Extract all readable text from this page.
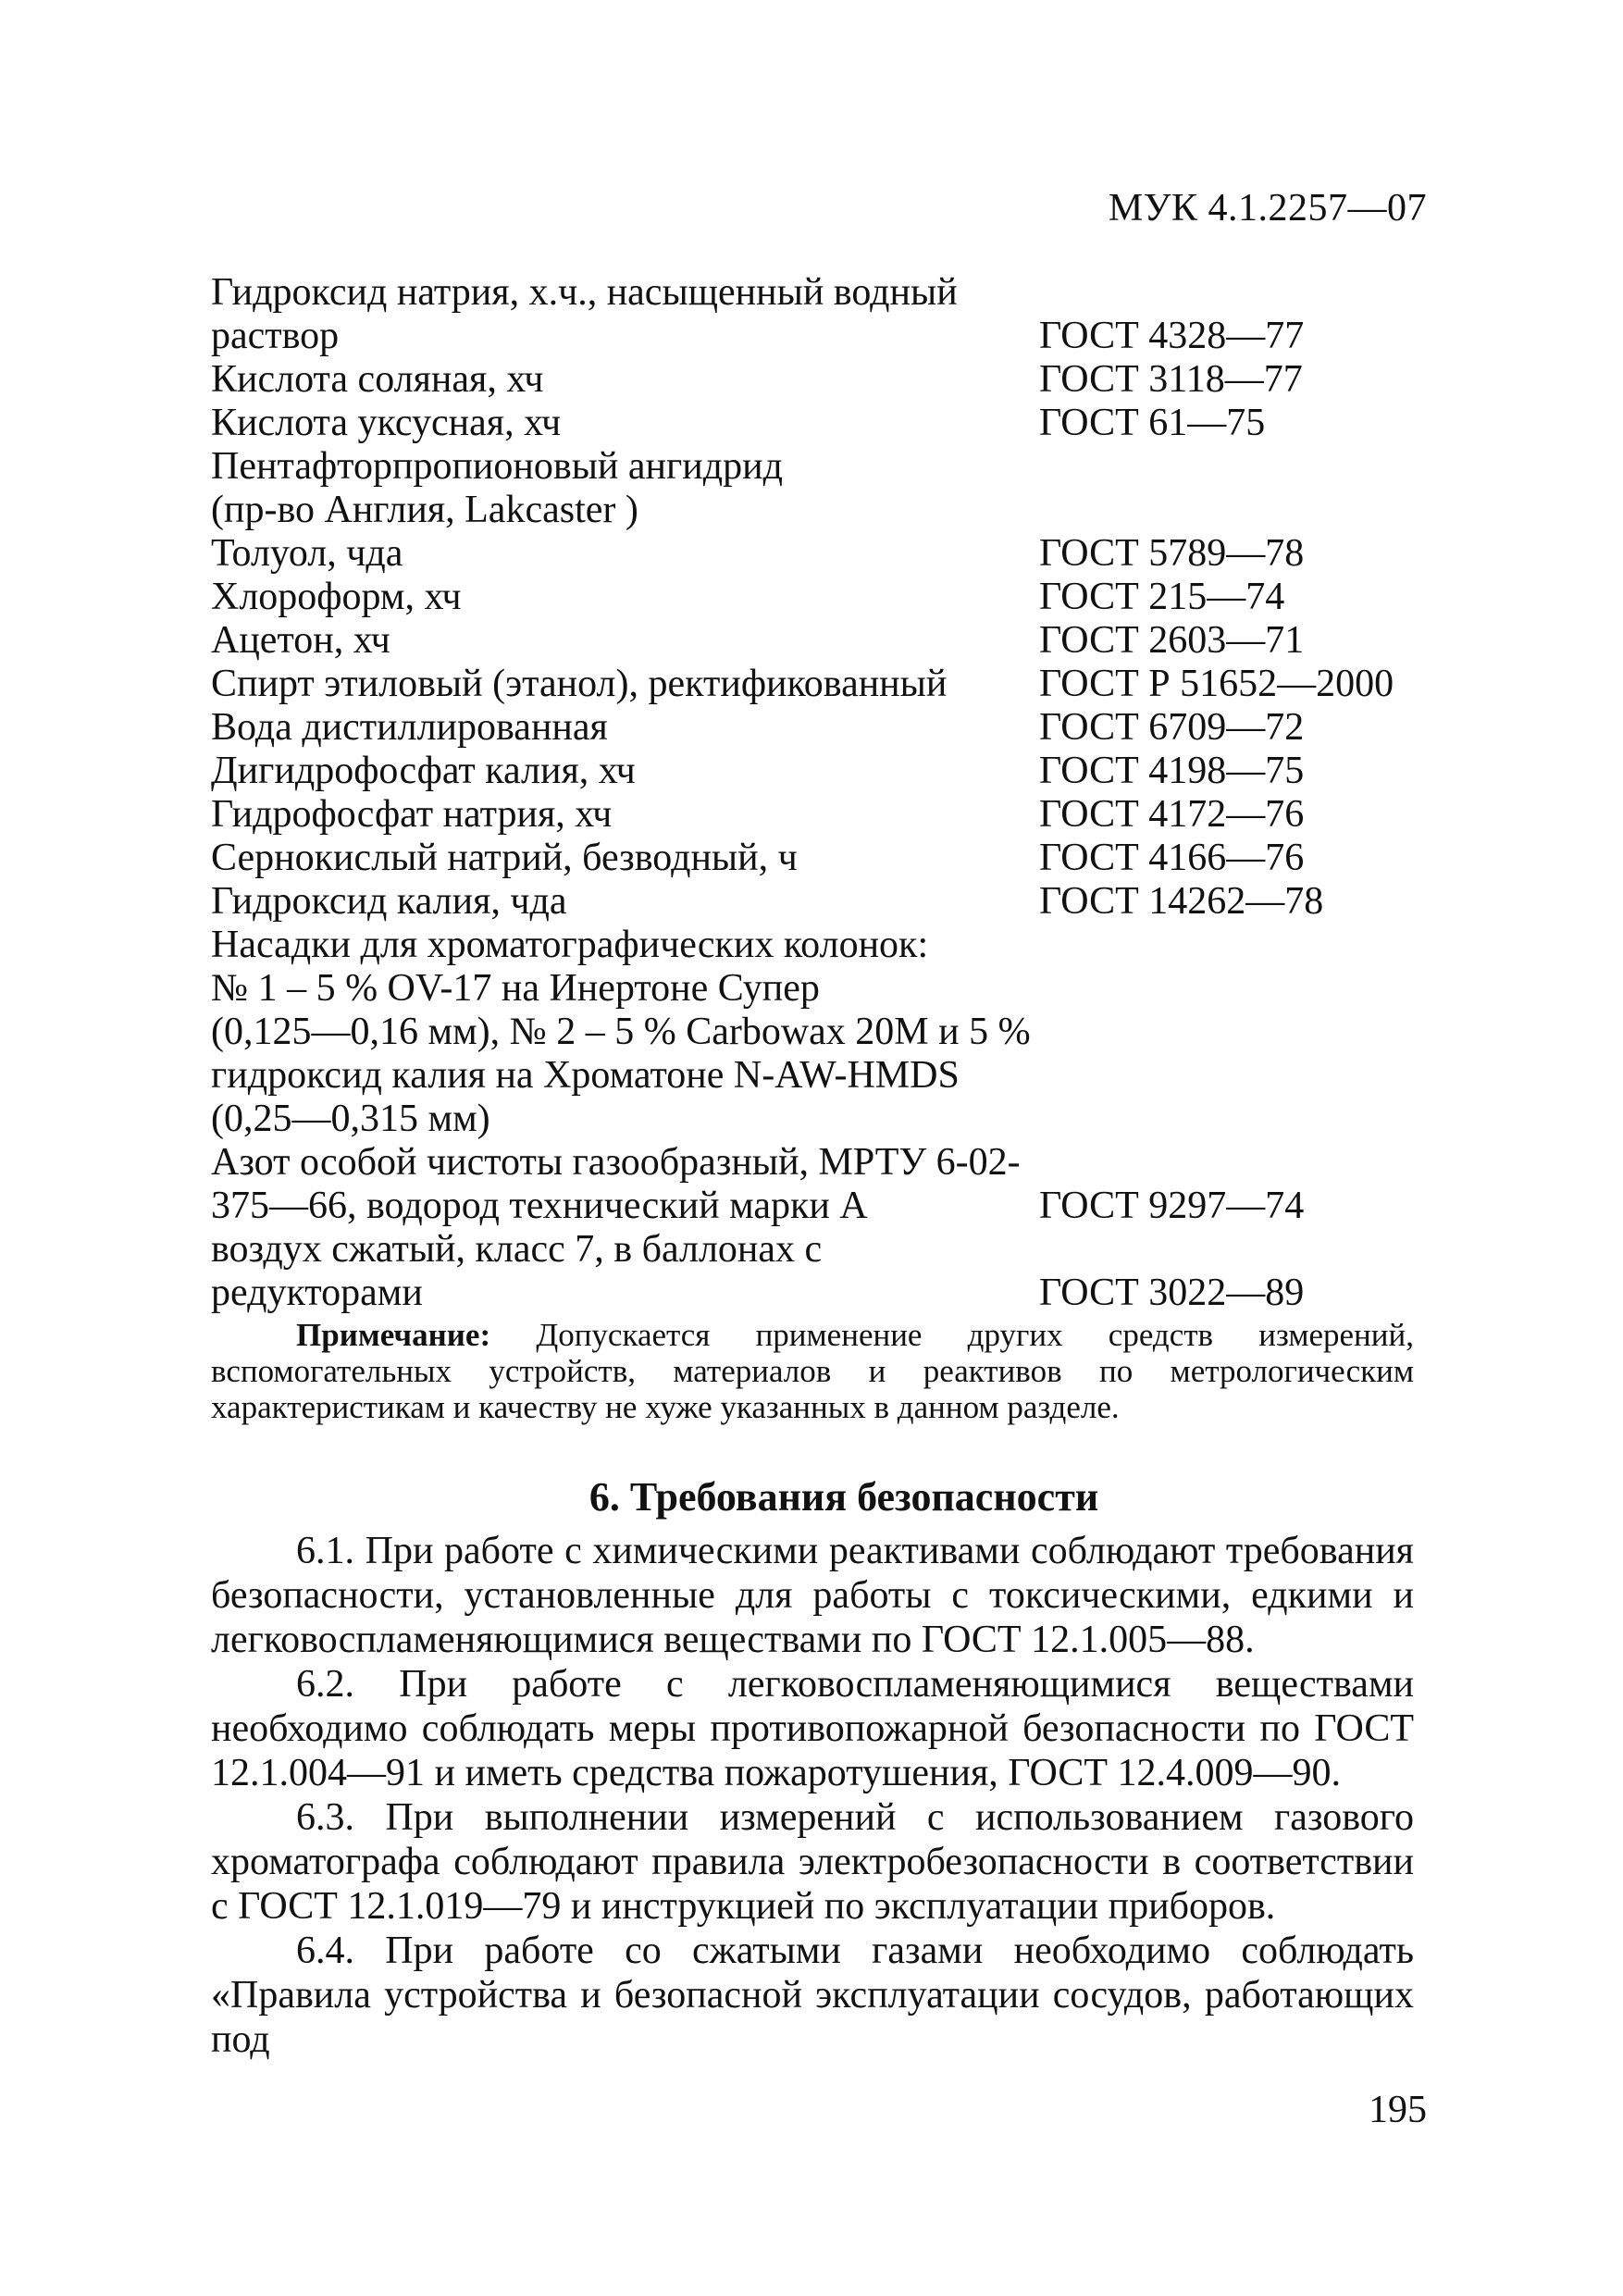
МУК 4.1.2257—07
Гидроксид натрия, х.ч., насыщенный водный
раствор	ГОСТ 4328—77
Кислота соляная, хч	ГОСТ 3118—77
Кислота уксусная, хч	ГОСТ 61—75
Пентафторпропионовый ангидрид
(пр-во Англия, Lakcaster )
Толуол, чда	ГОСТ 5789—78
Хлороформ, хч	ГОСТ 215—74
Ацетон, хч	ГОСТ 2603—71
Спирт этиловый (этанол), ректификованный	ГОСТ Р 51652—2000
Вода дистиллированная	ГОСТ 6709—72
Дигидрофосфат калия, хч	ГОСТ 4198—75
Гидрофосфат натрия, хч	ГОСТ 4172—76
Сернокислый натрий, безводный, ч	ГОСТ 4166—76
Гидроксид калия, чда	ГОСТ 14262—78
Насадки для хроматографических колонок:
№ 1 – 5 % OV-17 на Инертоне Супер
(0,125—0,16 мм), № 2 – 5 % Carbowax 20M и 5 %
гидроксид калия на Хроматоне N-AW-HMDS
(0,25—0,315 мм)
Азот особой чистоты газообразный, МРТУ 6-02-
375—66, водород технический марки А	ГОСТ 9297—74
воздух сжатый, класс 7, в баллонах с
редукторами	ГОСТ 3022—89
Примечание: Допускается применение других средств измерений, вспомогательных устройств, материалов и реактивов по метрологическим характеристикам и качеству не хуже указанных в данном разделе.
6. Требования безопасности

6.1. При работе с химическими реактивами соблюдают требования безопасности, установленные для работы с токсическими, едкими и легковоспламеняющимися веществами по ГОСТ 12.1.005—88.

6.2. При работе с легковоспламеняющимися веществами необходимо соблюдать меры противопожарной безопасности по ГОСТ 12.1.004—91 и иметь средства пожаротушения, ГОСТ 12.4.009—90.

6.3. При выполнении измерений с использованием газового хроматографа соблюдают правила электробезопасности в соответствии с ГОСТ 12.1.019—79 и инструкцией по эксплуатации приборов.

6.4. При работе со сжатыми газами необходимо соблюдать «Правила устройства и безопасной эксплуатации сосудов, работающих под

195
